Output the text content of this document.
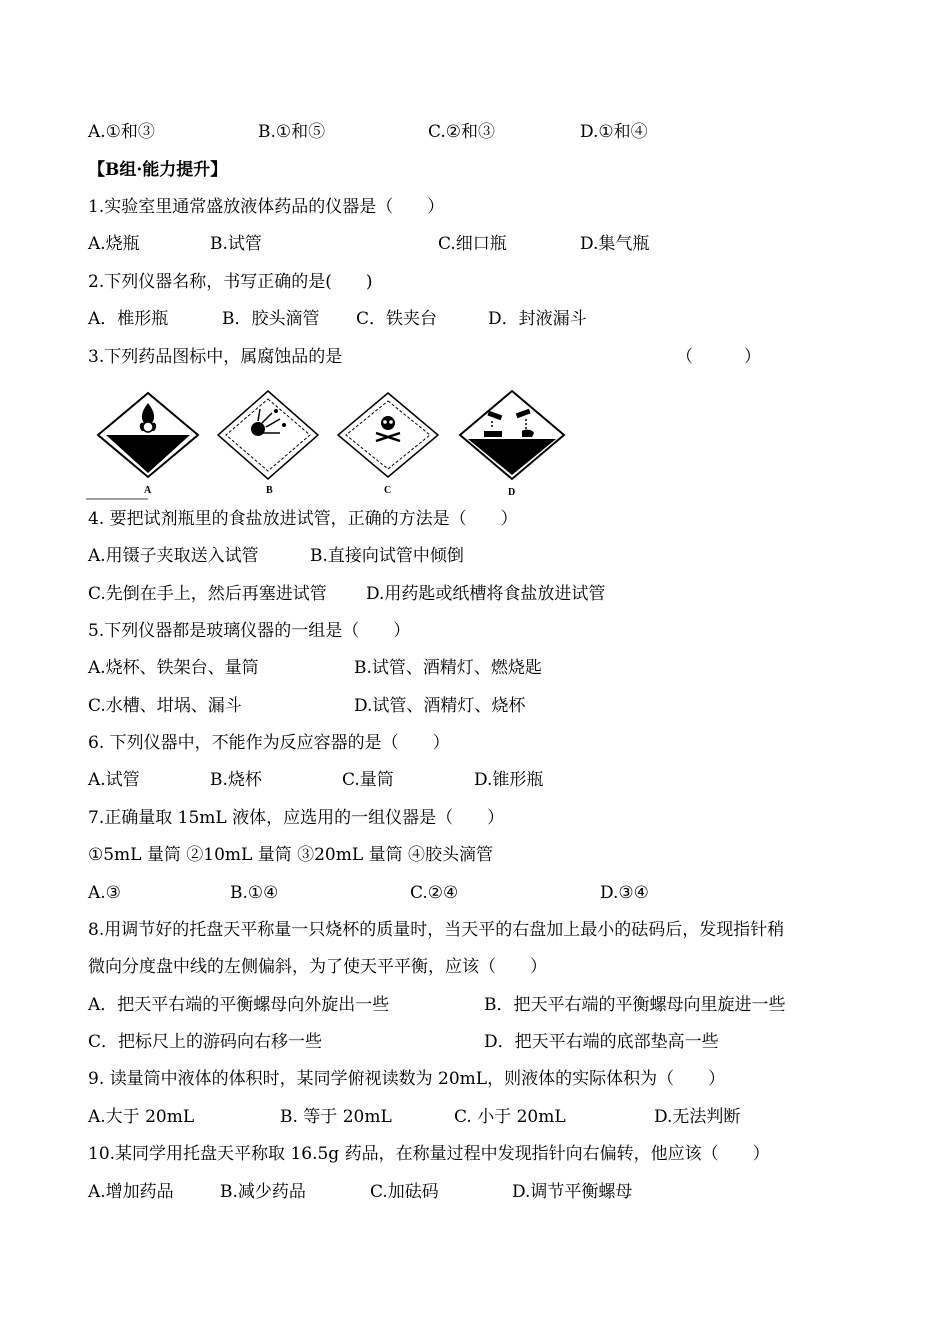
A.①和③	B.①和⑤	C.②和③	D.①和④
【B组·能力提升】
1.实验室里通常盛放液体药品的仪器是（　　）
A.烧瓶	B.试管	C.细口瓶	D.集气瓶
2.下列仪器名称，书写正确的是(　　)
A．椎形瓶	B．胶头滴管 C．铁夹台	D．封液漏斗
3.下列药品图标中，属腐蚀品的是	（　　　）
A	B	C	D
4. 要把试剂瓶里的食盐放进试管，正确的方法是（　　）
A.用镊子夹取送入试管	B.直接向试管中倾倒
C.先倒在手上，然后再塞进试管 D.用药匙或纸槽将食盐放进试管
5.下列仪器都是玻璃仪器的一组是（　　）
A.烧杯、铁架台、量筒	B.试管、酒精灯、燃烧匙
C.水槽、坩埚、漏斗	D.试管、酒精灯、烧杯
6. 下列仪器中，不能作为反应容器的是（　　）
A.试管	B.烧杯	C.量筒	D.锥形瓶
7.正确量取 15mL 液体，应选用的一组仪器是（　　）
①5mL 量筒 ②10mL 量筒 ③20mL 量筒 ④胶头滴管
A.③	B.①④	C.②④	D.③④
8.用调节好的托盘天平称量一只烧杯的质量时，当天平的右盘加上最小的砝码后，发现指针稍
微向分度盘中线的左侧偏斜，为了使天平平衡，应该（　　）
A．把天平右端的平衡螺母向外旋出一些	B．把天平右端的平衡螺母向里旋进一些
C．把标尺上的游码向右移一些	D．把天平右端的底部垫高一些
9. 读量筒中液体的体积时，某同学俯视读数为 20mL，则液体的实际体积为（　　）
A.大于 20mL	B. 等于 20mL	C. 小于 20mL	D.无法判断
10.某同学用托盘天平称取 16.5g 药品，在称量过程中发现指针向右偏转，他应该（　　）
A.增加药品	B.减少药品	C.加砝码	D.调节平衡螺母
